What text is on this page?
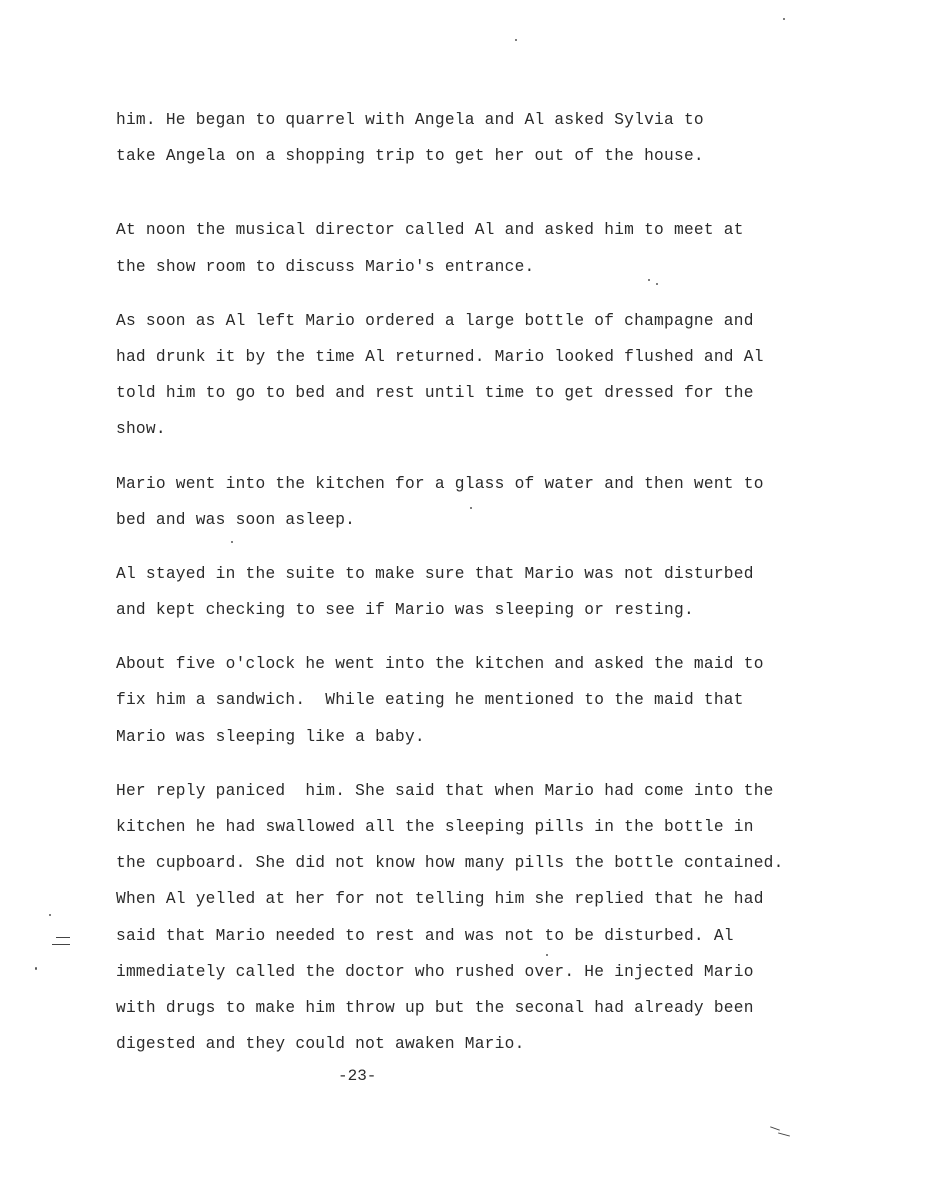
him. He began to quarrel with Angela and Al asked Sylvia to
take Angela on a shopping trip to get her out of the house.
At noon the musical director called Al and asked him to meet at
the show room to discuss Mario's entrance.
As soon as Al left Mario ordered a large bottle of champagne and
had drunk it by the time Al returned. Mario looked flushed and Al
told him to go to bed and rest until time to get dressed for the
show.
Mario went into the kitchen for a glass of water and then went to
bed and was soon asleep.
Al stayed in the suite to make sure that Mario was not disturbed
and kept checking to see if Mario was sleeping or resting.
About five o'clock he went into the kitchen and asked the maid to
fix him a sandwich.  While eating he mentioned to the maid that
Mario was sleeping like a baby.
Her reply paniced  him. She said that when Mario had come into the
kitchen he had swallowed all the sleeping pills in the bottle in
the cupboard. She did not know how many pills the bottle contained.
When Al yelled at her for not telling him she replied that he had
said that Mario needed to rest and was not to be disturbed. Al
immediately called the doctor who rushed over. He injected Mario
with drugs to make him throw up but the seconal had already been
digested and they could not awaken Mario.
-23-
